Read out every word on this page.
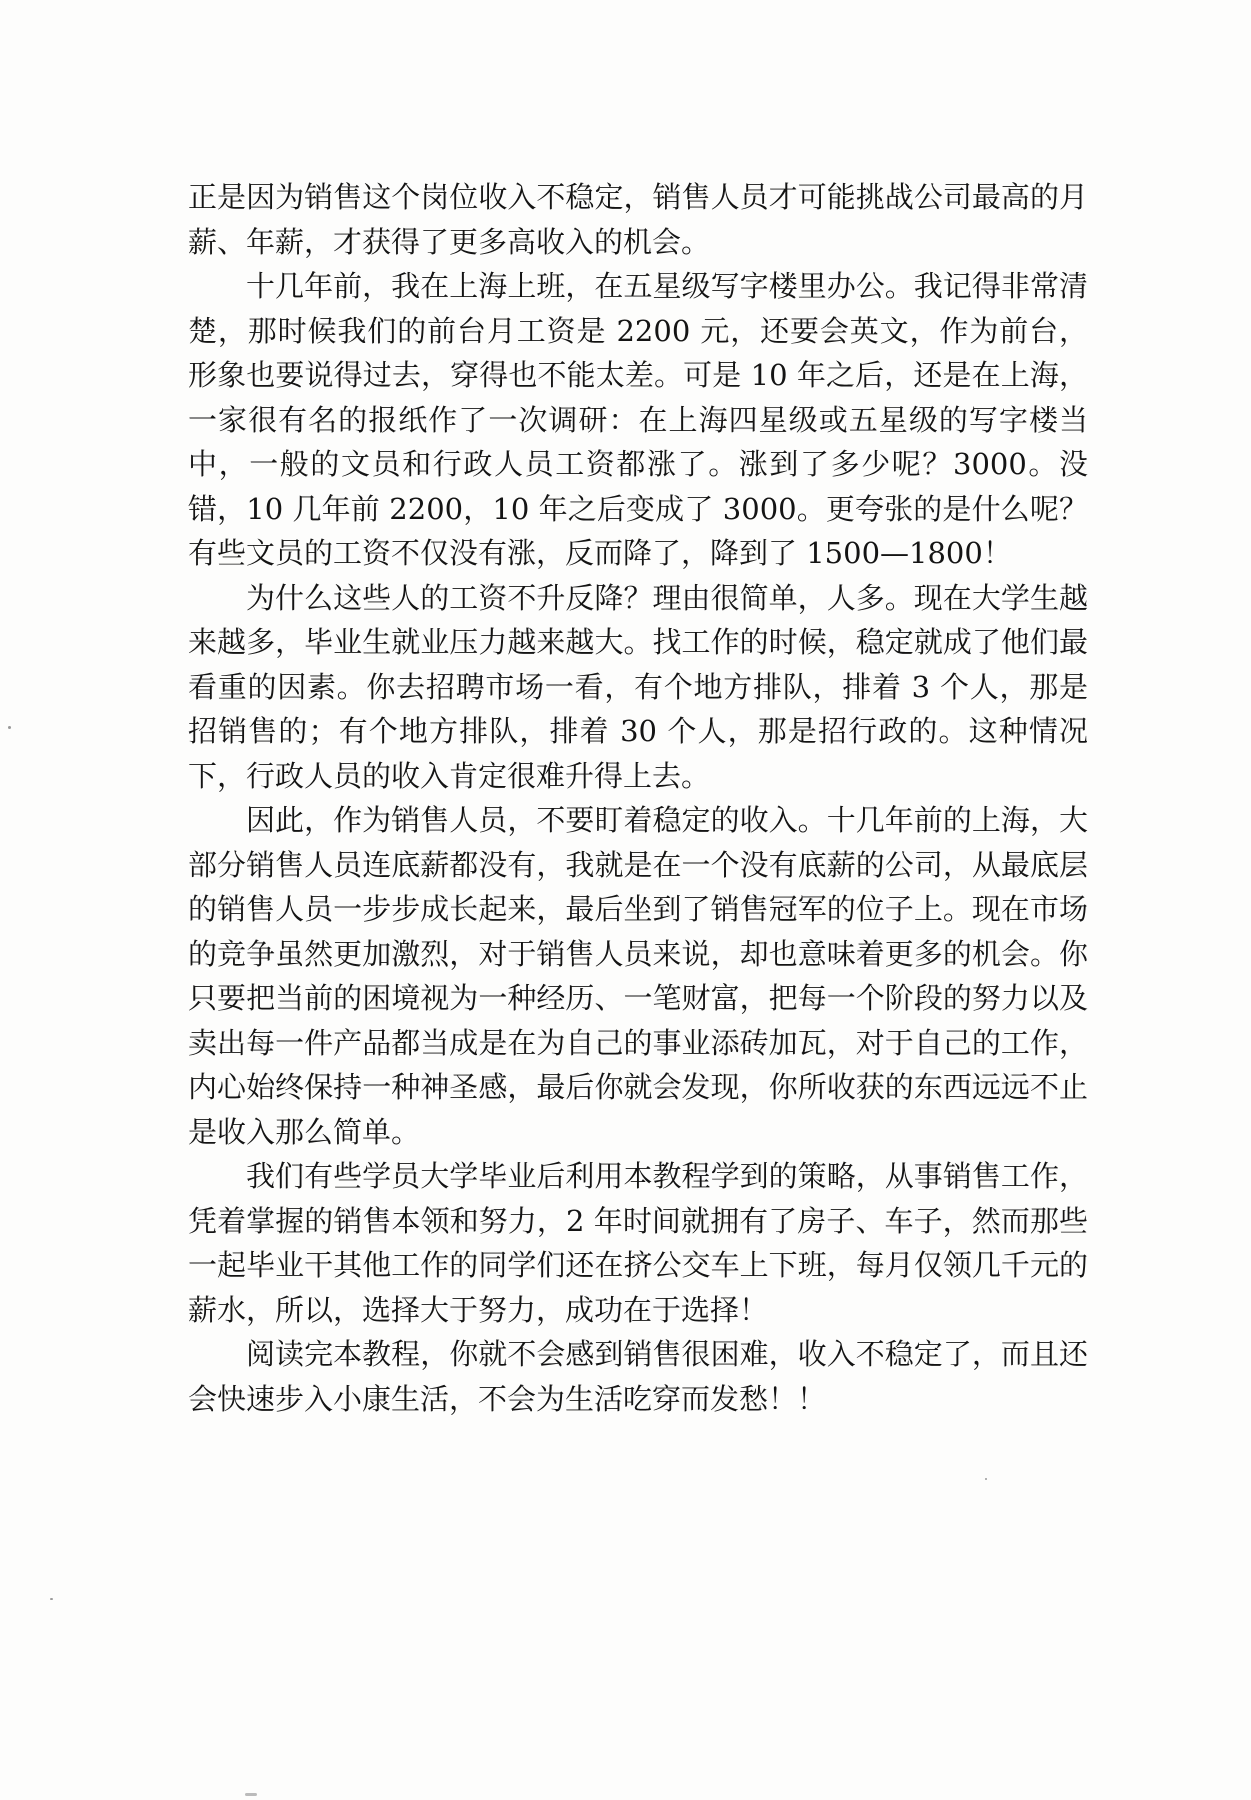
正是因为销售这个岗位收入不稳定，销售人员才可能挑战公司最高的月薪、年薪，才获得了更多高收入的机会。

十几年前，我在上海上班，在五星级写字楼里办公。我记得非常清楚，那时候我们的前台月工资是 2200 元，还要会英文，作为前台，形象也要说得过去，穿得也不能太差。可是 10 年之后，还是在上海，一家很有名的报纸作了一次调研：在上海四星级或五星级的写字楼当中，一般的文员和行政人员工资都涨了。涨到了多少呢？3000。没错，10 几年前 2200，10 年之后变成了 3000。更夸张的是什么呢？有些文员的工资不仅没有涨，反而降了，降到了 1500—1800！

为什么这些人的工资不升反降？理由很简单，人多。现在大学生越来越多，毕业生就业压力越来越大。找工作的时候，稳定就成了他们最看重的因素。你去招聘市场一看，有个地方排队，排着 3 个人，那是招销售的；有个地方排队，排着 30 个人，那是招行政的。这种情况下，行政人员的收入肯定很难升得上去。

因此，作为销售人员，不要盯着稳定的收入。十几年前的上海，大部分销售人员连底薪都没有，我就是在一个没有底薪的公司，从最底层的销售人员一步步成长起来，最后坐到了销售冠军的位子上。现在市场的竞争虽然更加激烈，对于销售人员来说，却也意味着更多的机会。你只要把当前的困境视为一种经历、一笔财富，把每一个阶段的努力以及卖出每一件产品都当成是在为自己的事业添砖加瓦，对于自己的工作，内心始终保持一种神圣感，最后你就会发现，你所收获的东西远远不止是收入那么简单。

我们有些学员大学毕业后利用本教程学到的策略，从事销售工作，凭着掌握的销售本领和努力，2 年时间就拥有了房子、车子，然而那些一起毕业干其他工作的同学们还在挤公交车上下班，每月仅领几千元的薪水，所以，选择大于努力，成功在于选择！

阅读完本教程，你就不会感到销售很困难，收入不稳定了，而且还会快速步入小康生活，不会为生活吃穿而发愁！！
